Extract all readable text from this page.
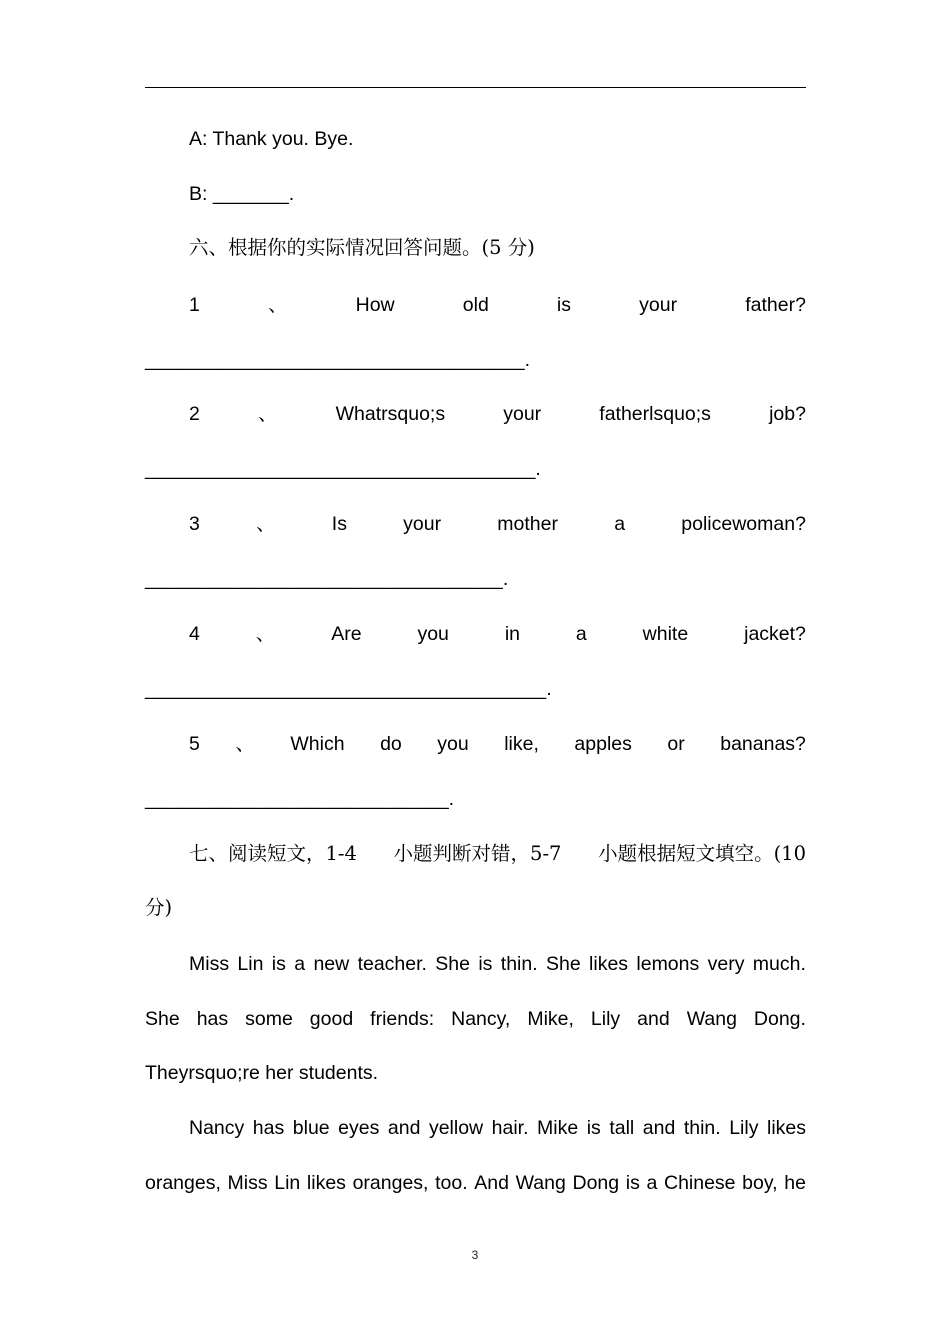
A: Thank you. Bye.
B: _______.
六、根据你的实际情况回答问题。(5 分)
1	、	How	old	is	your	father?
___________________________________.
2	、	Whatrsquo;s	your	fatherlsquo;s	job?
____________________________________.
3	、	Is	your	mother	a	policewoman?
_________________________________.
4	、	Are	you	in	a	white	jacket?
_____________________________________.
5 、 Which do you like, apples or bananas?
____________________________.
七、阅读短文，1-4 小题判断对错，5-7 小题根据短文填空。(10
分)
Miss Lin is a new teacher. She is thin. She likes lemons very much.
She has some good friends: Nancy, Mike, Lily and Wang Dong.
Theyrsquo;re her students.
Nancy has blue eyes and yellow hair. Mike is tall and thin. Lily likes
oranges, Miss Lin likes oranges, too. And Wang Dong is a Chinese boy, he
3
